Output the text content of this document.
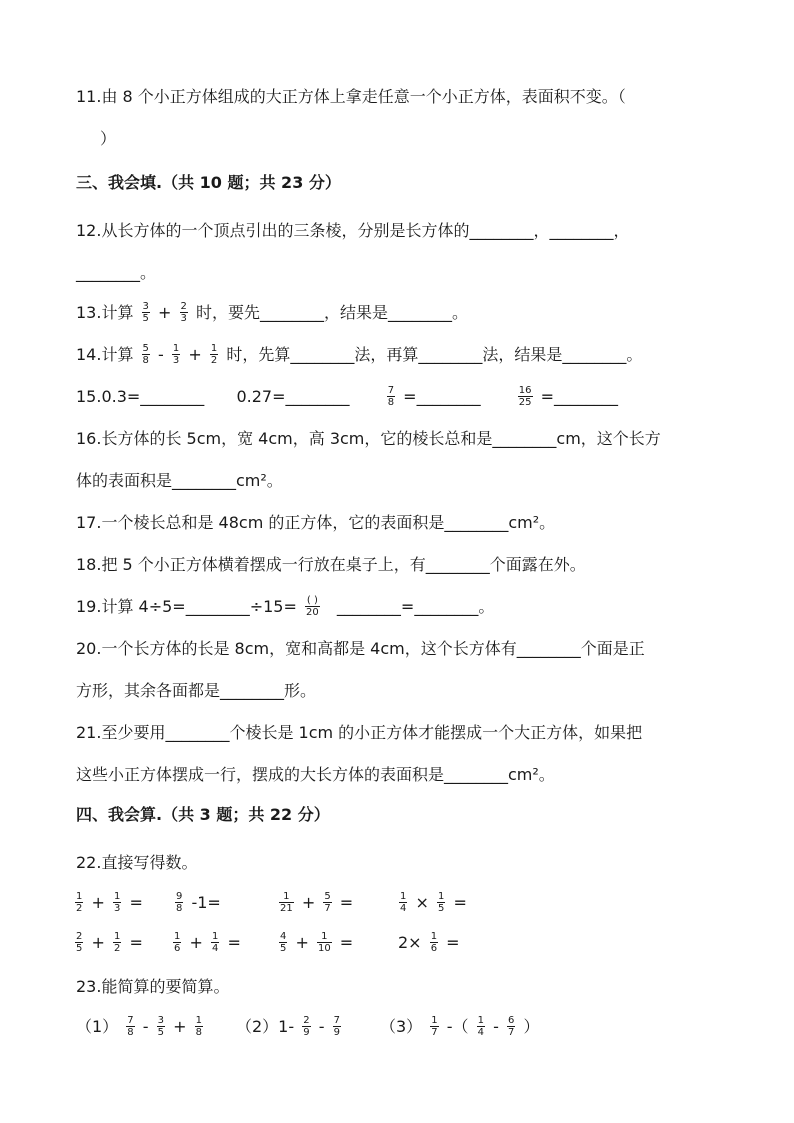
11.由 8 个小正方体组成的大正方体上拿走任意一个小正方体，表面积不变。（
）
三、我会填.（共 10 题；共 23 分）
12.从长方体的一个顶点引出的三条棱，分别是长方体的________，________，
________。
13.计算 $\frac{3}{5} + \frac{2}{3}$ 时，要先________，结果是________。
14.计算 $\frac{5}{8} - \frac{1}{3} + \frac{1}{2}$ 时，先算________法，再算________法，结果是________。
15.0.3=________ 0.27=________	$\frac{7}{8}$ =________	$\frac{16}{25}$ =________
16.长方体的长 5cm，宽 4cm，高 3cm，它的棱长总和是________cm，这个长方
体的表面积是________cm²。
17.一个棱长总和是 48cm 的正方体，它的表面积是________cm²。
18.把 5 个小正方体横着摆成一行放在桌子上，有________个面露在外。
19.计算 4÷5=________÷15= $\frac{( )}{20}$ ________=________。
20.一个长方体的长是 8cm，宽和高都是 4cm，这个长方体有________个面是正
方形，其余各面都是________形。
21.至少要用________个棱长是 1cm 的小正方体才能摆成一个大正方体，如果把
这些小正方体摆成一行，摆成的大长方体的表面积是________cm²。
四、我会算.（共 3 题；共 22 分）
22.直接写得数。
$\frac{1}{2} + \frac{1}{3}$ =	$\frac{9}{8} -1=$	$\frac{1}{21} + \frac{5}{7}$ =	$\frac{1}{4} \times \frac{1}{5}$ =
$\frac{2}{5} + \frac{1}{2}$ =	$\frac{1}{6} + \frac{1}{4}$ =	$\frac{4}{5} + \frac{1}{10}$ =	$2\times \frac{1}{6}$ =
23.能简算的要简算。
$(1) \frac{7}{8} - \frac{3}{5} + \frac{1}{8} (2)1- \frac{2}{9} - \frac{7}{9} (3) \frac{1}{7}$ -（ $\frac{1}{4} - \frac{6}{7}$ ）
